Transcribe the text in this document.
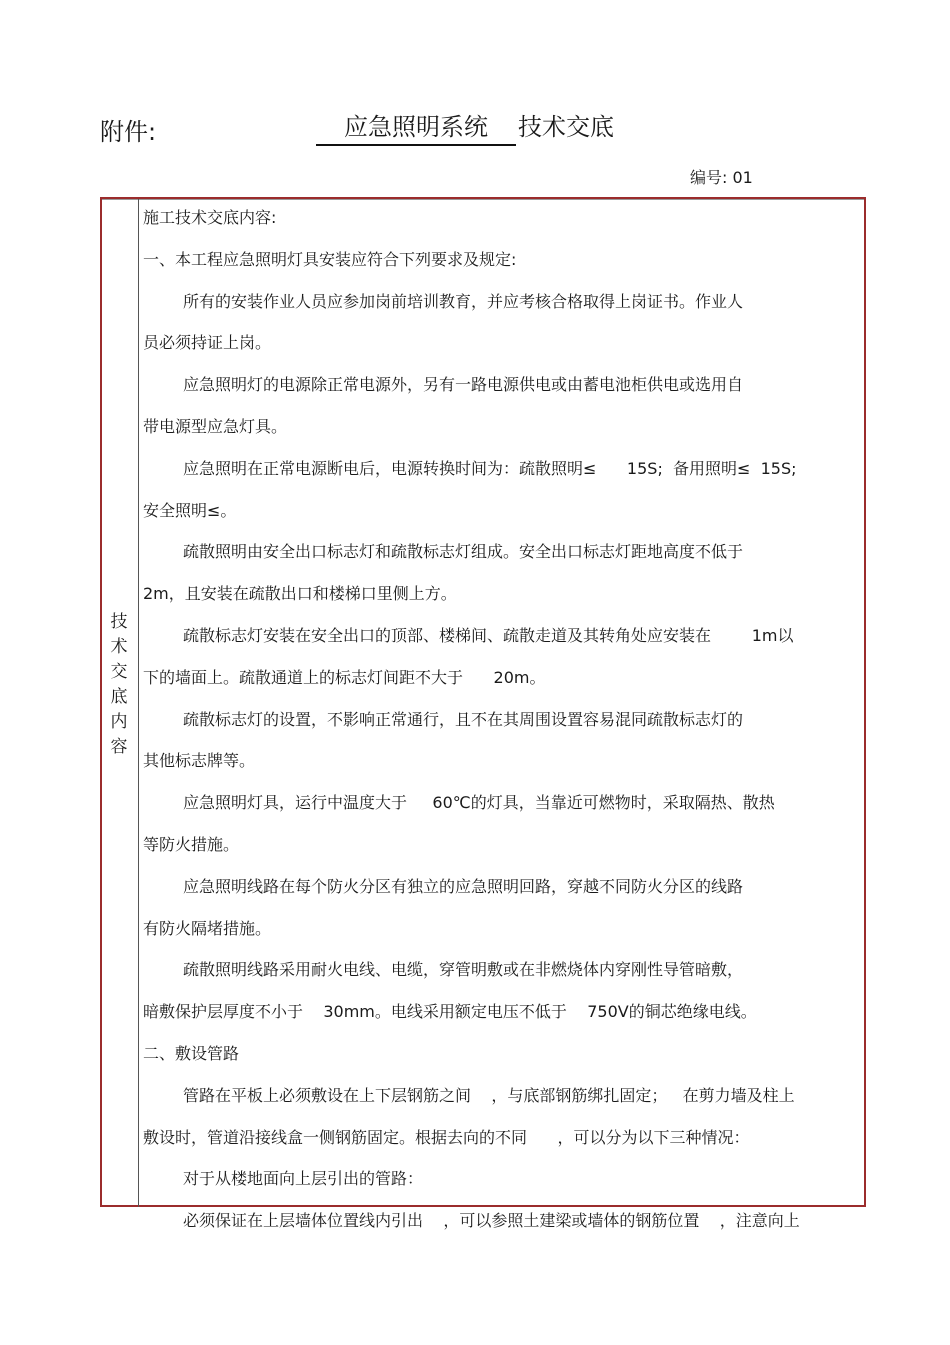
附件:	应急照明系统	技术交底
编号: 01
技
术
交
底
内
容
施工技术交底内容:
一、本工程应急照明灯具安装应符合下列要求及规定:
所有的安装作业人员应参加岗前培训教育，并应考核合格取得上岗证书。作业人
员必须持证上岗。
应急照明灯的电源除正常电源外，另有一路电源供电或由蓄电池柜供电或选用自
带电源型应急灯具。
应急照明在正常电源断电后，电源转换时间为：疏散照明≤      15S;  备用照明≤  15S;
安全照明≤。
疏散照明由安全出口标志灯和疏散标志灯组成。安全出口标志灯距地高度不低于
2m，且安装在疏散出口和楼梯口里侧上方。
疏散标志灯安装在安全出口的顶部、楼梯间、疏散走道及其转角处应安装在        1m以
下的墙面上。疏散通道上的标志灯间距不大于      20m。
疏散标志灯的设置，不影响正常通行，且不在其周围设置容易混同疏散标志灯的
其他标志牌等。
应急照明灯具，运行中温度大于     60℃的灯具，当靠近可燃物时，采取隔热、散热
等防火措施。
应急照明线路在每个防火分区有独立的应急照明回路，穿越不同防火分区的线路
有防火隔堵措施。
疏散照明线路采用耐火电线、电缆，穿管明敷或在非燃烧体内穿刚性导管暗敷，
暗敷保护层厚度不小于    30mm。电线采用额定电压不低于    750V的铜芯绝缘电线。
二、敷设管路
管路在平板上必须敷设在上下层钢筋之间    ，与底部钢筋绑扎固定；   在剪力墙及柱上
敷设时，管道沿接线盒一侧钢筋固定。根据去向的不同      ，可以分为以下三种情况：
对于从楼地面向上层引出的管路：
必须保证在上层墙体位置线内引出    ，可以参照土建梁或墙体的钢筋位置    ，注意向上
